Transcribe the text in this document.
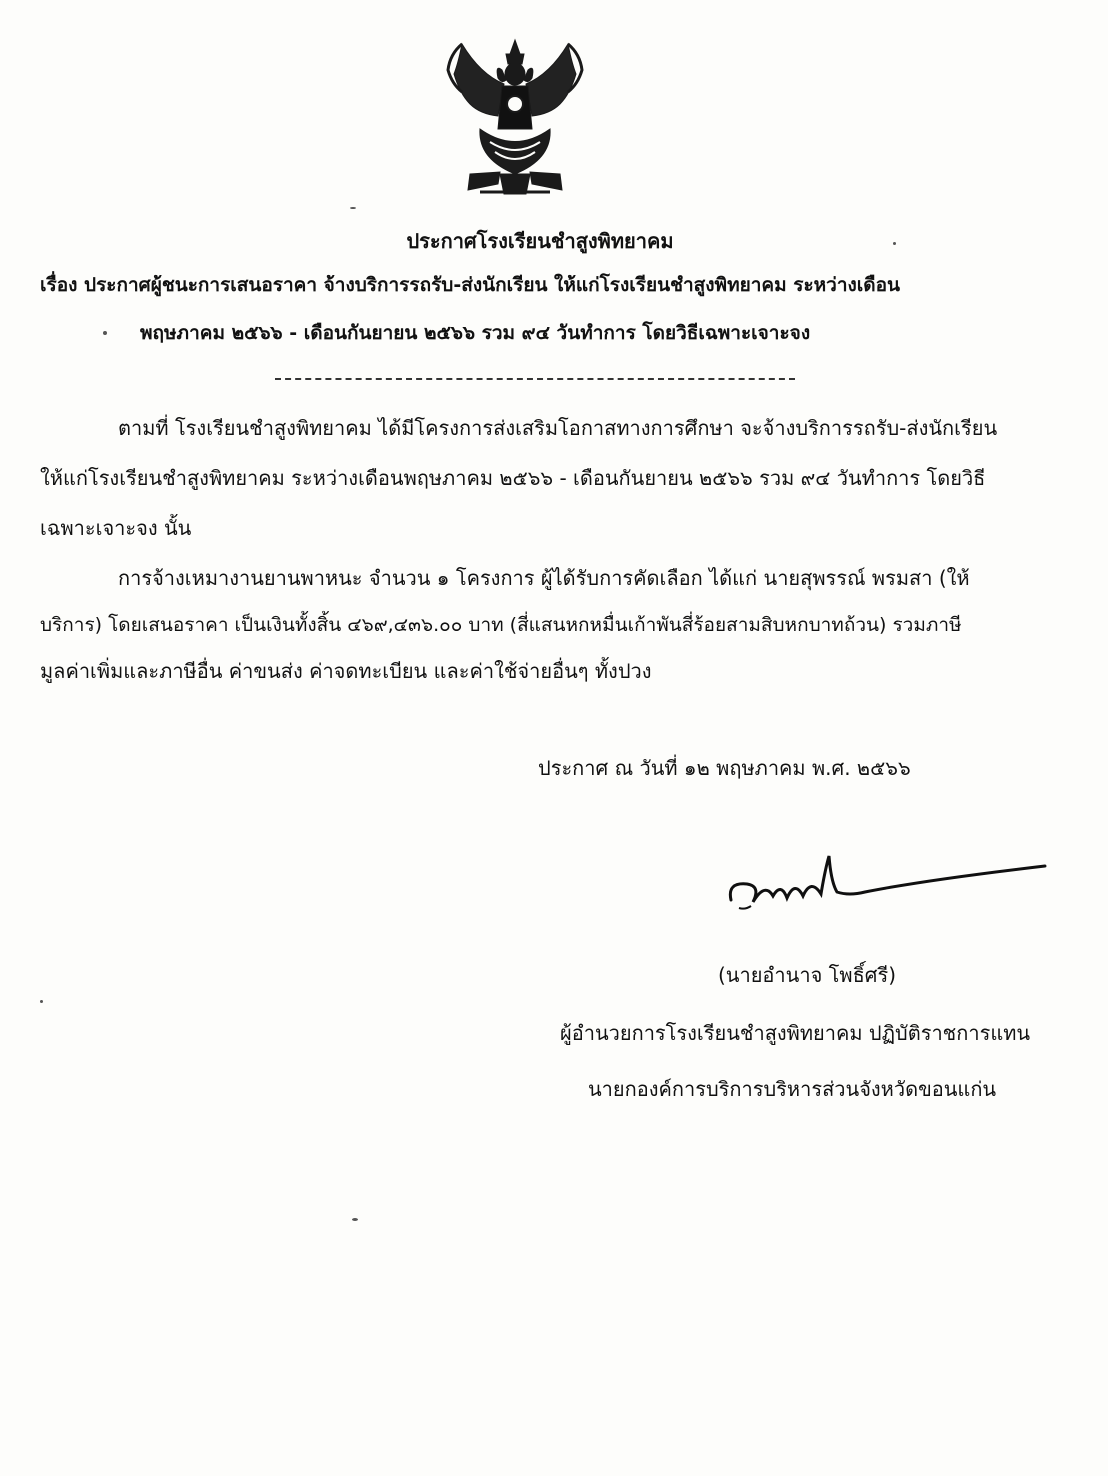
ประกาศโรงเรียนชำสูงพิทยาคม
เรื่อง ประกาศผู้ชนะการเสนอราคา จ้างบริการรถรับ-ส่งนักเรียน ให้แก่โรงเรียนชำสูงพิทยาคม ระหว่างเดือน
พฤษภาคม ๒๕๖๖ - เดือนกันยายน ๒๕๖๖ รวม ๙๔ วันทำการ โดยวิธีเฉพาะเจาะจง
ตามที่ โรงเรียนชำสูงพิทยาคม ได้มีโครงการส่งเสริมโอกาสทางการศึกษา จะจ้างบริการรถรับ-ส่งนักเรียน
ให้แก่โรงเรียนชำสูงพิทยาคม ระหว่างเดือนพฤษภาคม ๒๕๖๖ - เดือนกันยายน ๒๕๖๖ รวม ๙๔ วันทำการ โดยวิธี
เฉพาะเจาะจง นั้น
การจ้างเหมางานยานพาหนะ จำนวน ๑ โครงการ ผู้ได้รับการคัดเลือก ได้แก่ นายสุพรรณ์ พรมสา (ให้
บริการ) โดยเสนอราคา เป็นเงินทั้งสิ้น ๔๖๙,๔๓๖.๐๐ บาท (สี่แสนหกหมื่นเก้าพันสี่ร้อยสามสิบหกบาทถ้วน) รวมภาษี
มูลค่าเพิ่มและภาษีอื่น ค่าขนส่ง ค่าจดทะเบียน และค่าใช้จ่ายอื่นๆ ทั้งปวง
ประกาศ ณ วันที่ ๑๒ พฤษภาคม พ.ศ. ๒๕๖๖
(นายอำนาจ โพธิ์ศรี)
ผู้อำนวยการโรงเรียนชำสูงพิทยาคม ปฏิบัติราชการแทน
นายกองค์การบริการบริหารส่วนจังหวัดขอนแก่น
